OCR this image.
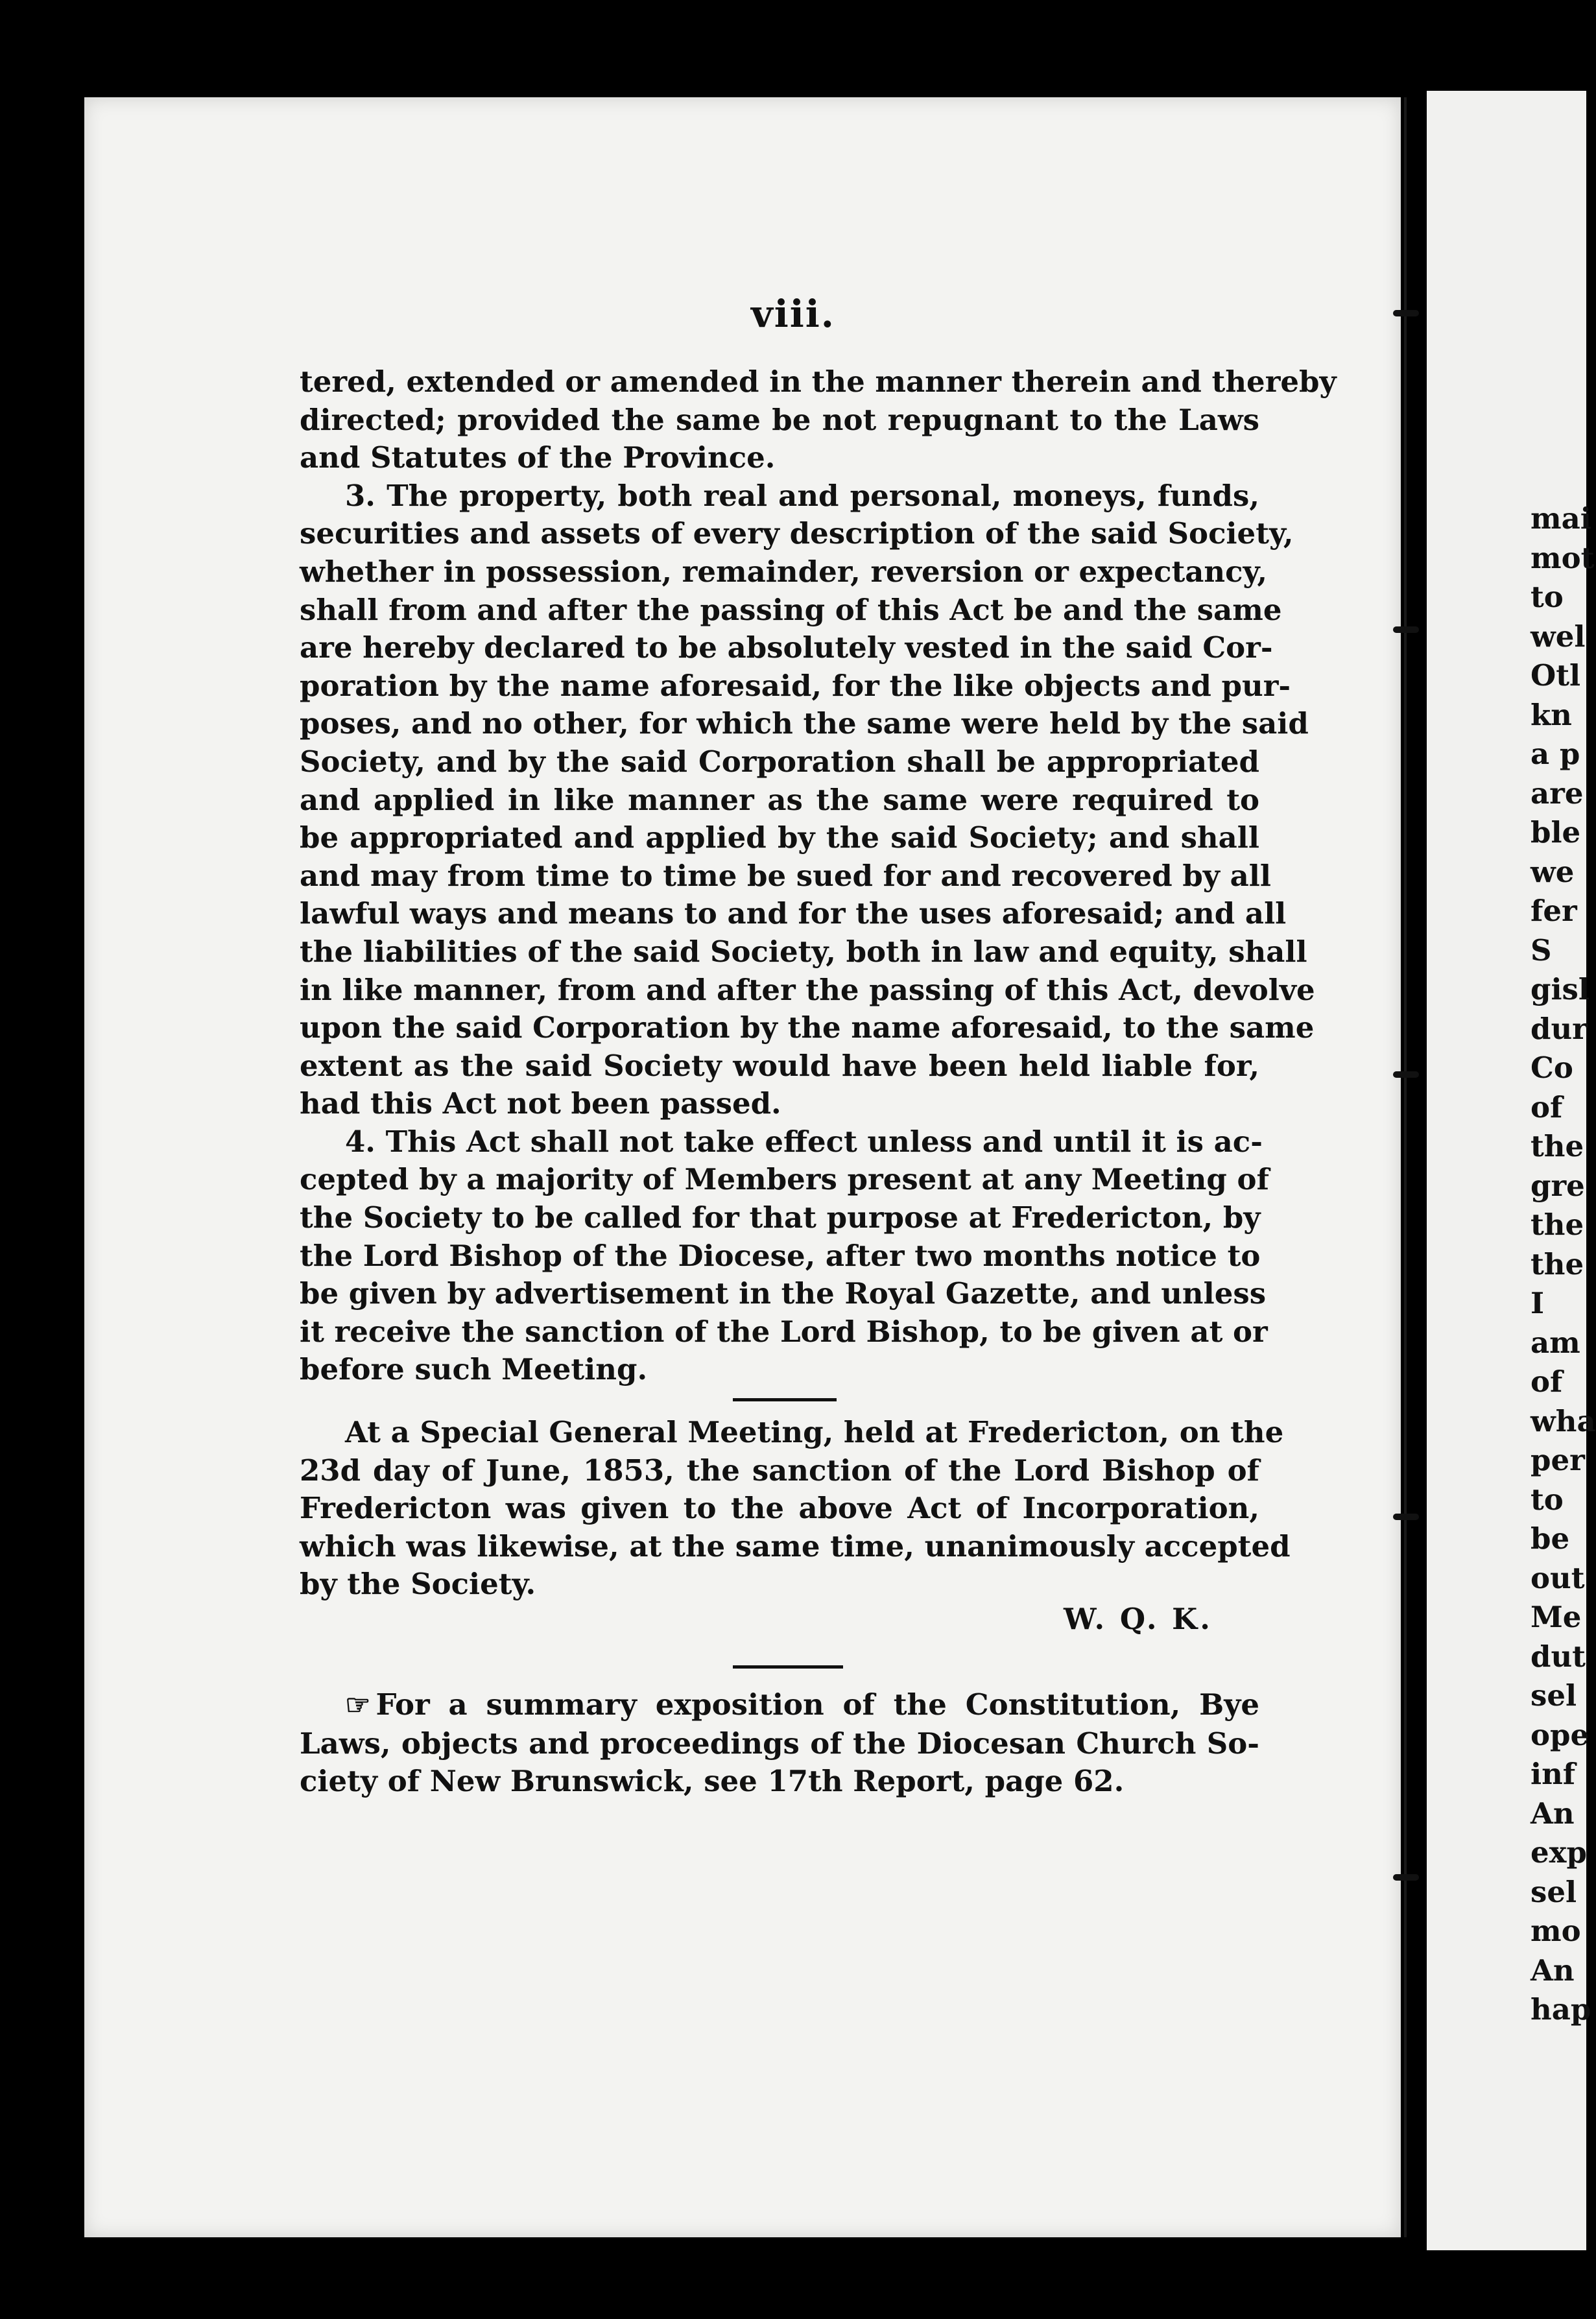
viii.
tered, extended or amended in the manner therein and thereby
directed; provided the same be not repugnant to the Laws
and Statutes of the Province.
3. The property, both real and personal, moneys, funds,
securities and assets of every description of the said Society,
whether in possession, remainder, reversion or expectancy,
shall from and after the passing of this Act be and the same
are hereby declared to be absolutely vested in the said Cor-
poration by the name aforesaid, for the like objects and pur-
poses, and no other, for which the same were held by the said
Society, and by the said Corporation shall be appropriated
and applied in like manner as the same were required to
be appropriated and applied by the said Society; and shall
and may from time to time be sued for and recovered by all
lawful ways and means to and for the uses aforesaid; and all
the liabilities of the said Society, both in law and equity, shall
in like manner, from and after the passing of this Act, devolve
upon the said Corporation by the name aforesaid, to the same
extent as the said Society would have been held liable for,
had this Act not been passed.
4. This Act shall not take effect unless and until it is ac-
cepted by a majority of Members present at any Meeting of
the Society to be called for that purpose at Fredericton, by
the Lord Bishop of the Diocese, after two months notice to
be given by advertisement in the Royal Gazette, and unless
it receive the sanction of the Lord Bishop, to be given at or
before such Meeting.
At a Special General Meeting, held at Fredericton, on the
23d day of June, 1853, the sanction of the Lord Bishop of
Fredericton was given to the above Act of Incorporation,
which was likewise, at the same time, unanimously accepted
by the Society.
W. Q. K.
☞ For a summary exposition of the Constitution, Bye
Laws, objects and proceedings of the Diocesan Church So-
ciety of New Brunswick, see 17th Report, page 62.
mai
mot
to
wel
Otl
kn
a p
are
ble
we
fer
S
gisl
dur
Co
of
the
gre
the
the
I
am
of
wha
per
to
be
out
Me
dut
sel
ope
inf
An
exp
sel
mo
An
hap
